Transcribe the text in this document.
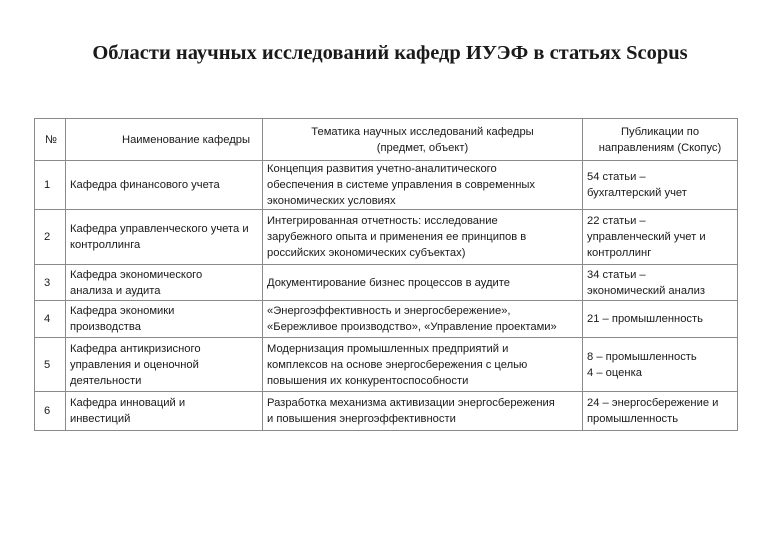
Области научных исследований кафедр ИУЭФ в статьях Scopus
№	Наименование кафедры	Тематика научных исследований кафедры
(предмет, объект)	Публикации по
направлениям (Скопус)
1	Кафедра финансового учета	Концепция развития учетно-аналитического
обеспечения в системе управления в современных
экономических условиях	54 статьи –
бухгалтерский учет
2	Кафедра управленческого учета и
контроллинга	Интегрированная отчетность: исследование
зарубежного опыта и применения ее принципов в
российских экономических субъектах)	22 статьи –
управленческий учет и
контроллинг
3	Кафедра экономического
анализа и аудита	Документирование бизнес процессов в аудите	34 статьи –
экономический анализ
4	Кафедра экономики
производства	«Энергоэффективность и энергосбережение»,
«Бережливое производство», «Управление проектами»	21 – промышленность
5	Кафедра антикризисного
управления и оценочной
деятельности	Модернизация промышленных предприятий и
комплексов на основе энергосбережения с целью
повышения их конкурентоспособности	8 – промышленность
4 – оценка
6	Кафедра инноваций и
инвестиций	Разработка механизма активизации энергосбережения
и повышения энергоэффективности	24 – энергосбережение и
промышленность
